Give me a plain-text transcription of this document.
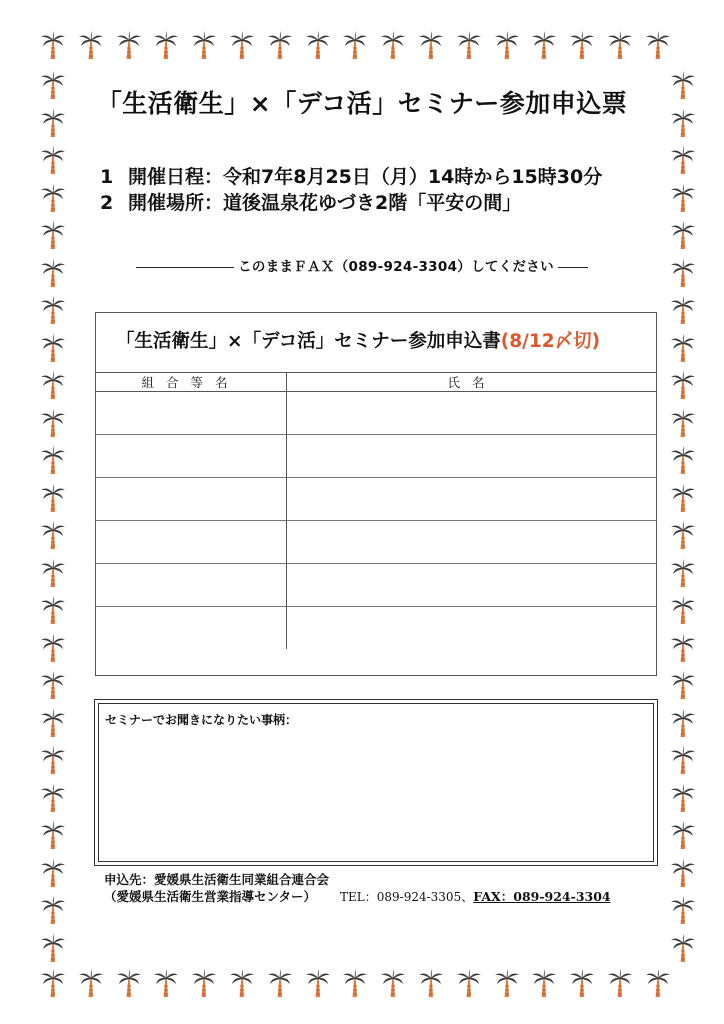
「生活衛生」×「デコ活」セミナー参加申込票
1 開催日程：令和7年8月25日（月）14時から15時30分
2 開催場所：道後温泉花ゆづき2階「平安の間」
このままＦＡＸ（089-924-3304）してください
「生活衛生」×「デコ活」セミナー参加申込書(8/12〆切)
組合等名	氏名

セミナーでお聞きになりたい事柄：
申込先：愛媛県生活衛生同業組合連合会
（愛媛県生活衛生営業指導センター） TEL：089-924-3305、FAX：089-924-3304
